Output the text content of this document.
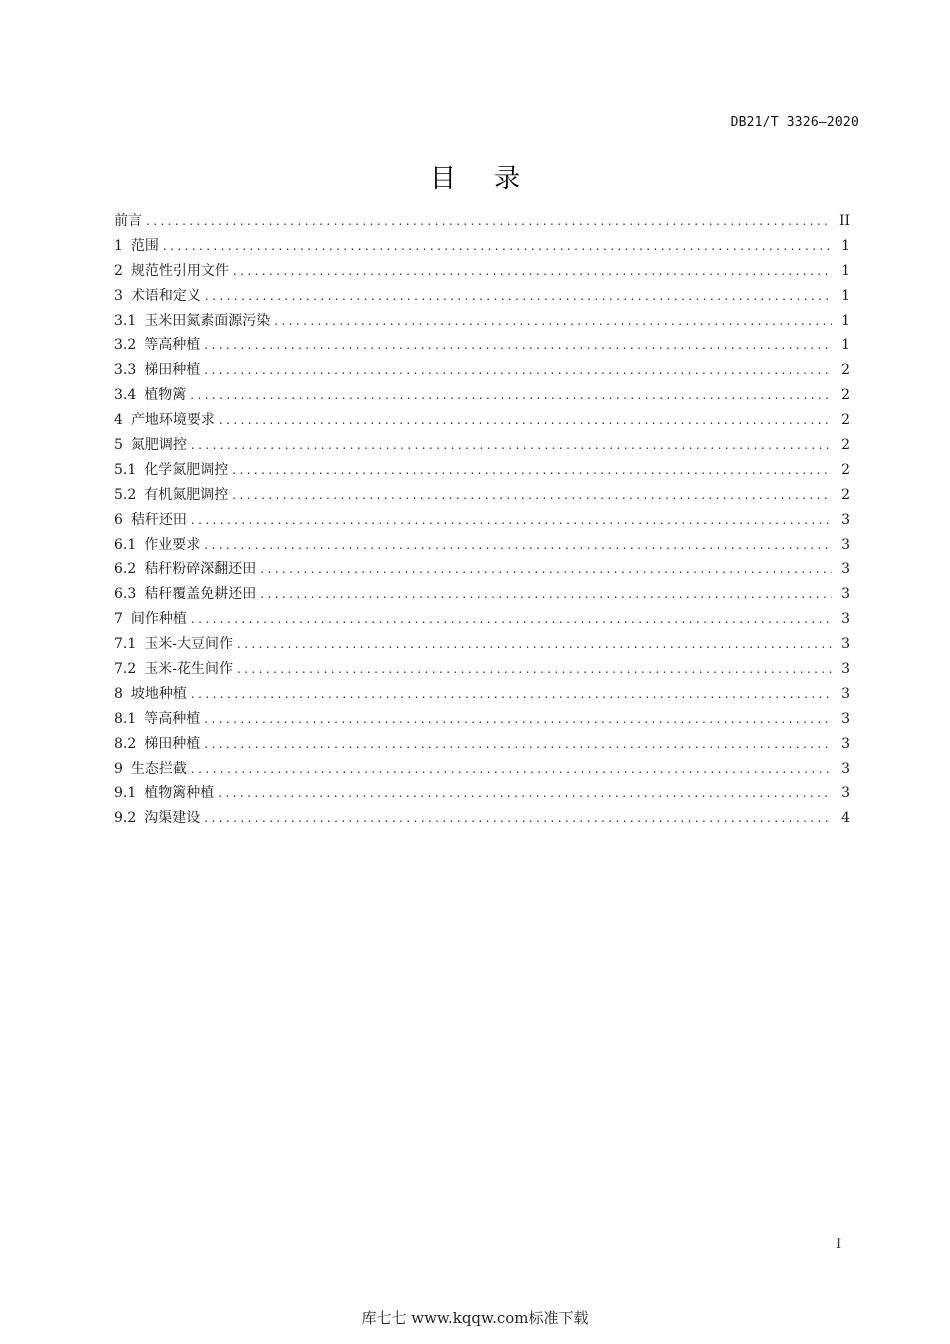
DB21/T 3326—2020
目录
前言 .....	II
1 范围 .....	1
2 规范性引用文件 .....	1
3 术语和定义 .....	1
3.1 玉米田氮素面源污染 .....	1
3.2 等高种植 .....	1
3.3 梯田种植 .....	2
3.4 植物篱 .....	2
4 产地环境要求 .....	2
5 氮肥调控 .....	2
5.1 化学氮肥调控 .....	2
5.2 有机氮肥调控 .....	2
6 秸秆还田 .....	3
6.1 作业要求 .....	3
6.2 秸秆粉碎深翻还田 .....	3
6.3 秸秆覆盖免耕还田 .....	3
7 间作种植 .....	3
7.1 玉米-大豆间作 .....	3
7.2 玉米-花生间作 .....	3
8 坡地种植 .....	3
8.1 等高种植 .....	3
8.2 梯田种植 .....	3
9 生态拦截 .....	3
9.1 植物篱种植 .....	3
9.2 沟渠建设 .....	4
I
库七七 www.kqqw.com标准下载
